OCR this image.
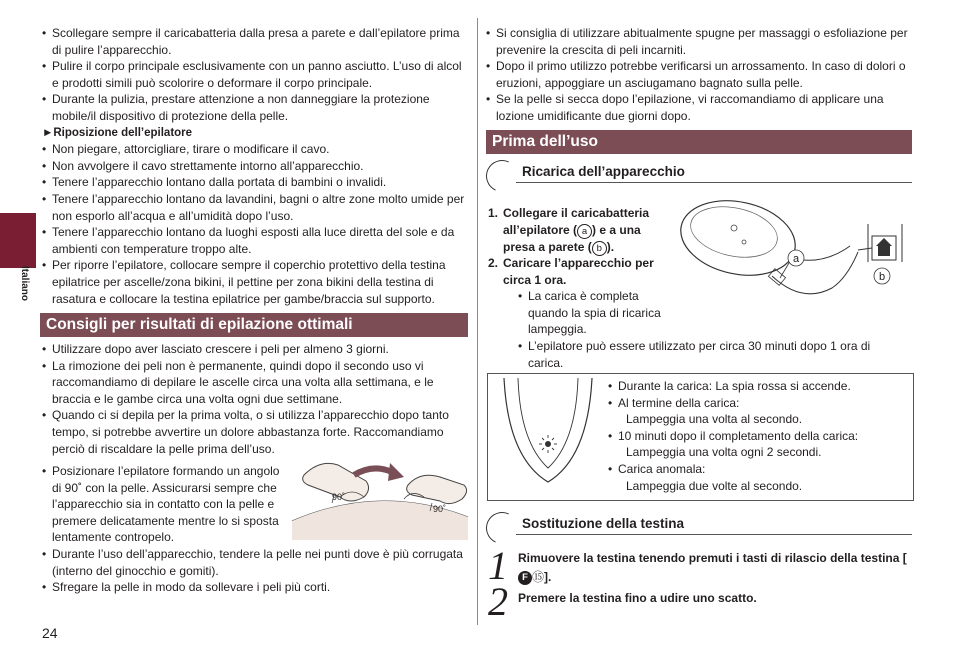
Italiano

• Scollegare sempre il caricabatteria dalla presa a parete e dall’epilatore prima di pulire l’apparecchio.

• Pulire il corpo principale esclusivamente con un panno asciutto. L’uso di alcol e prodotti simili può scolorire o deformare il corpo principale.

• Durante la pulizia, prestare attenzione a non danneggiare la protezione mobile/il dispositivo di protezione della pelle.

►Riposizione dell’epilatore

• Non piegare, attorcigliare, tirare o modificare il cavo.

• Non avvolgere il cavo strettamente intorno all’apparecchio.

• Tenere l’apparecchio lontano dalla portata di bambini o invalidi.

• Tenere l’apparecchio lontano da lavandini, bagni o altre zone molto umide per non esporlo all’acqua e all’umidità dopo l’uso.

• Tenere l’apparecchio lontano da luoghi esposti alla luce diretta del sole e da ambienti con temperature troppo alte.

• Per riporre l’epilatore, collocare sempre il coperchio protettivo della testina epilatrice per ascelle/zona bikini, il pettine per zona bikini della testina di rasatura e collocare la testina epilatrice per gambe/braccia sul supporto.

Consigli per risultati di epilazione ottimali

• Utilizzare dopo aver lasciato crescere i peli per almeno 3 giorni.

• La rimozione dei peli non è permanente, quindi dopo il secondo uso vi raccomandiamo di depilare le ascelle circa una volta alla settimana, e le braccia e le gambe circa una volta ogni due settimane.

• Quando ci si depila per la prima volta, o si utilizza l’apparecchio dopo tanto tempo, si potrebbe avvertire un dolore abbastanza forte. Raccomandiamo perciò di riscaldare la pelle prima dell’uso.

• Posizionare l’epilatore formando un angolo di 90˚ con la pelle. Assicurarsi sempre che l’apparecchio sia in contatto con la pelle e premere delicatamente mentre lo si sposta lentamente contropelo.

90˚
90˚

• Durante l’uso dell’apparecchio, tendere la pelle nei punti dove è più corrugata (interno del ginocchio e gomiti).

• Sfregare la pelle in modo da sollevare i peli più corti.

24

• Si consiglia di utilizzare abitualmente spugne per massaggi o esfoliazione per prevenire la crescita di peli incarniti.

• Dopo il primo utilizzo potrebbe verificarsi un arrossamento. In caso di dolori o eruzioni, appoggiare un asciugamano bagnato sulla pelle.

• Se la pelle si secca dopo l’epilazione, vi raccomandiamo di applicare una lozione umidificante due giorni dopo.

Prima dell’uso
Ricarica dell’apparecchio
1. Collegare il caricabatteria all’epilatore ( a ) e a una presa a parete ( b ).
2. Caricare l’apparecchio per circa 1 ora.

• La carica è completa quando la spia di ricarica lampeggia.

• L’epilatore può essere utilizzato per circa 30 minuti dopo 1 ora di carica.

a
b

• Durante la carica: La spia rossa si accende.

• Al termine della carica:

Lampeggia una volta al secondo.

• 10 minuti dopo il completamento della carica:

Lampeggia una volta ogni 2 secondi.

• Carica anomala:

Lampeggia due volte al secondo.

Sostituzione della testina
1 Rimuovere la testina tenendo premuti i tasti di rilascio della testina [F ⑮].
2 Premere la testina fino a udire uno scatto.
